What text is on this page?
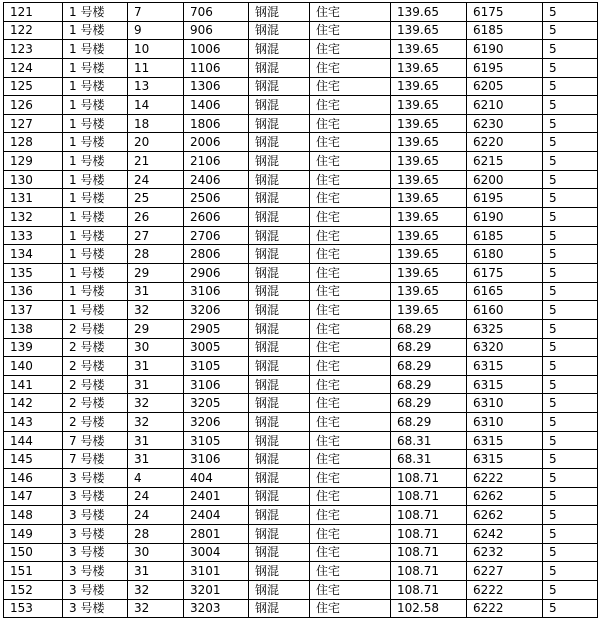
121	1 号楼	7	706	钢混	住宅	139.65	6175	5
122	1 号楼	9	906	钢混	住宅	139.65	6185	5
123	1 号楼	10	1006	钢混	住宅	139.65	6190	5
124	1 号楼	11	1106	钢混	住宅	139.65	6195	5
125	1 号楼	13	1306	钢混	住宅	139.65	6205	5
126	1 号楼	14	1406	钢混	住宅	139.65	6210	5
127	1 号楼	18	1806	钢混	住宅	139.65	6230	5
128	1 号楼	20	2006	钢混	住宅	139.65	6220	5
129	1 号楼	21	2106	钢混	住宅	139.65	6215	5
130	1 号楼	24	2406	钢混	住宅	139.65	6200	5
131	1 号楼	25	2506	钢混	住宅	139.65	6195	5
132	1 号楼	26	2606	钢混	住宅	139.65	6190	5
133	1 号楼	27	2706	钢混	住宅	139.65	6185	5
134	1 号楼	28	2806	钢混	住宅	139.65	6180	5
135	1 号楼	29	2906	钢混	住宅	139.65	6175	5
136	1 号楼	31	3106	钢混	住宅	139.65	6165	5
137	1 号楼	32	3206	钢混	住宅	139.65	6160	5
138	2 号楼	29	2905	钢混	住宅	68.29	6325	5
139	2 号楼	30	3005	钢混	住宅	68.29	6320	5
140	2 号楼	31	3105	钢混	住宅	68.29	6315	5
141	2 号楼	31	3106	钢混	住宅	68.29	6315	5
142	2 号楼	32	3205	钢混	住宅	68.29	6310	5
143	2 号楼	32	3206	钢混	住宅	68.29	6310	5
144	7 号楼	31	3105	钢混	住宅	68.31	6315	5
145	7 号楼	31	3106	钢混	住宅	68.31	6315	5
146	3 号楼	4	404	钢混	住宅	108.71	6222	5
147	3 号楼	24	2401	钢混	住宅	108.71	6262	5
148	3 号楼	24	2404	钢混	住宅	108.71	6262	5
149	3 号楼	28	2801	钢混	住宅	108.71	6242	5
150	3 号楼	30	3004	钢混	住宅	108.71	6232	5
151	3 号楼	31	3101	钢混	住宅	108.71	6227	5
152	3 号楼	32	3201	钢混	住宅	108.71	6222	5
153	3 号楼	32	3203	钢混	住宅	102.58	6222	5
